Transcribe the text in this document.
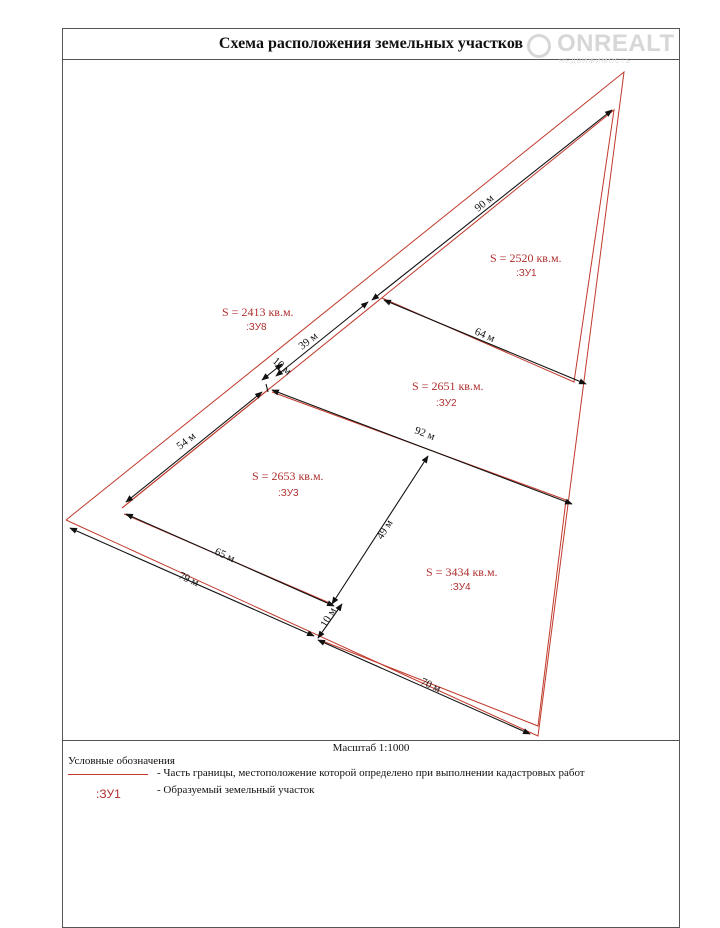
Схема расположения земельных участков	ONREALT
НЕДВИЖИМОСТЬ
90 м
64 м
39 м
10 м
54 м	92 м
65 м
49 м
79 м
10 м
70 м
S = 2520 кв.м.
:ЗУ1
S = 2413 кв.м.
:ЗУ8
S = 2651 кв.м.
:ЗУ2
S = 2653 кв.м.
:ЗУ3
S = 3434 кв.м.
:ЗУ4
Масштаб 1:1000
Условные обозначения
- Часть границы, местоположение которой определено при выполнении кадастровых работ
:ЗУ1	- Образуемый земельный участок
